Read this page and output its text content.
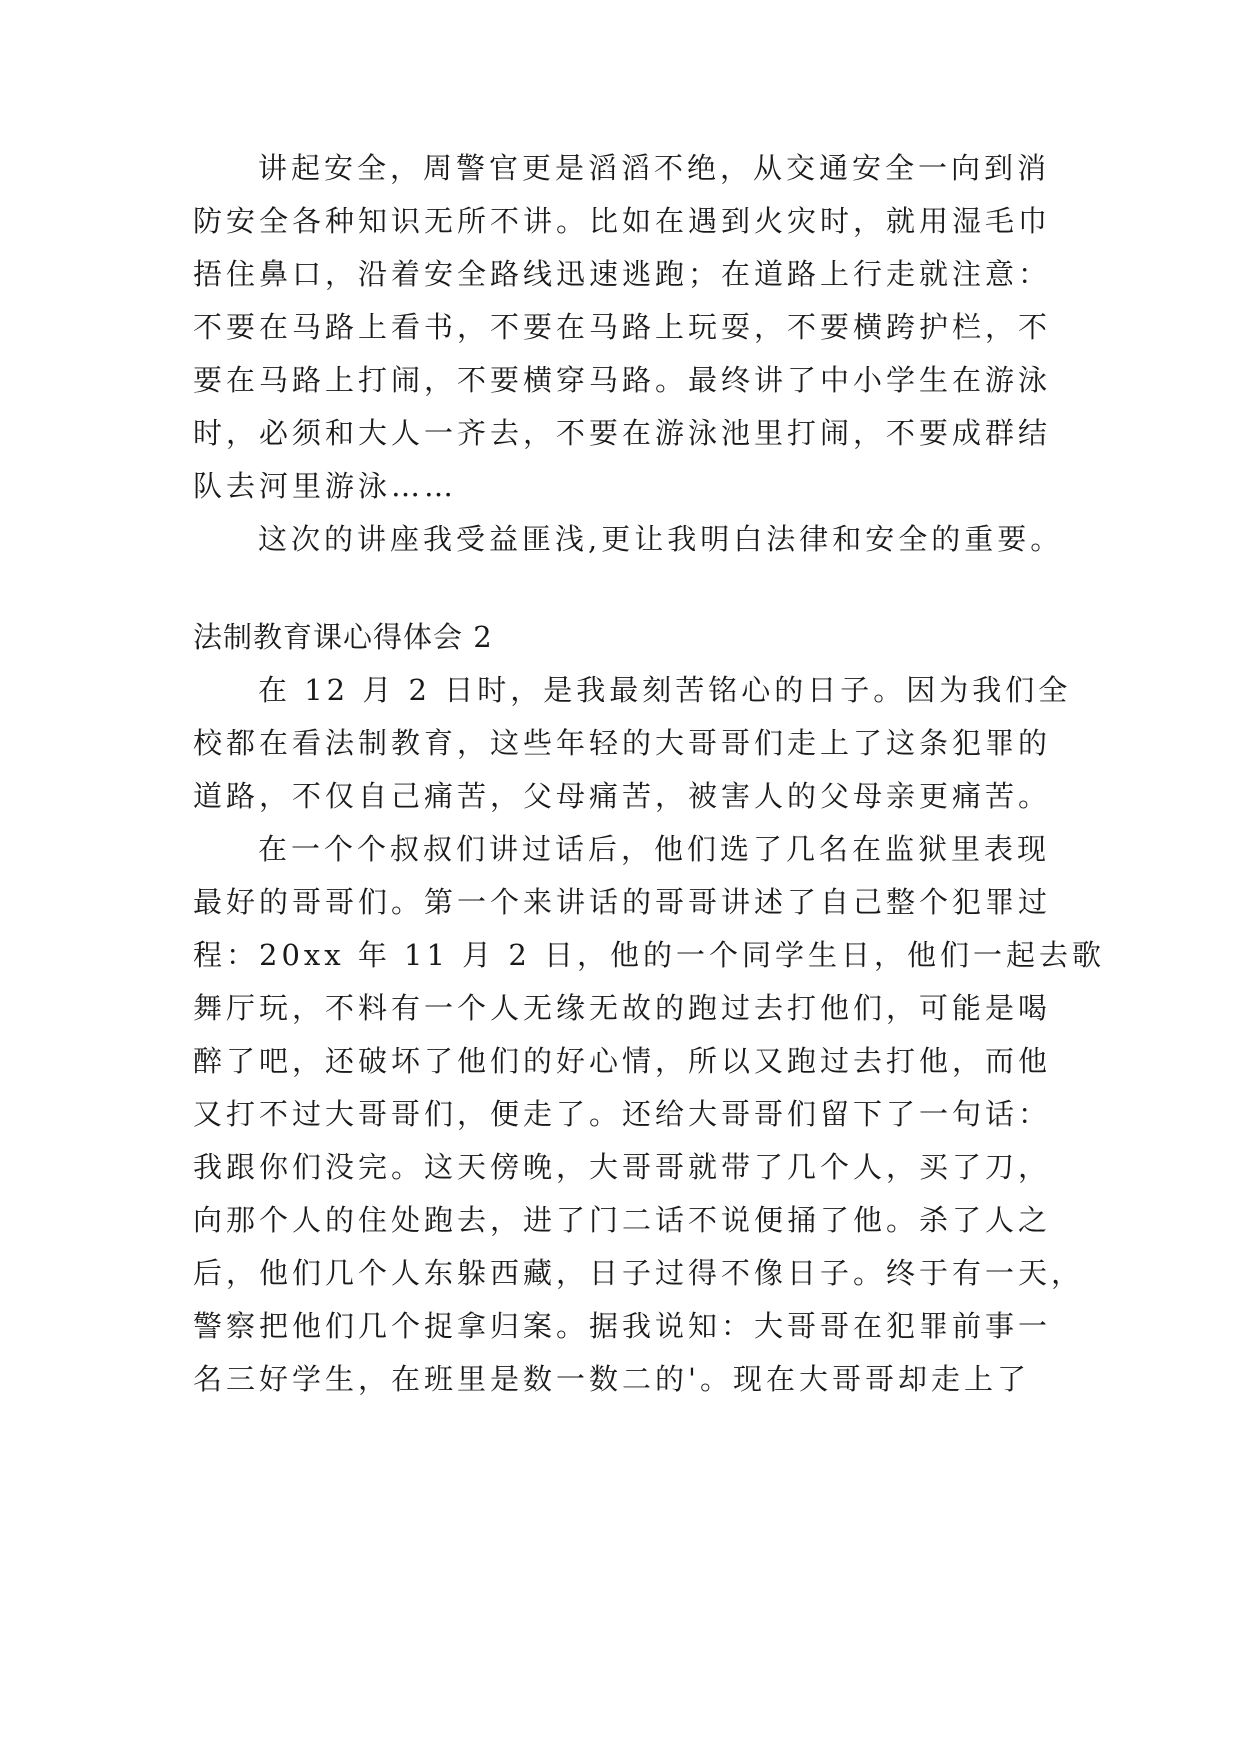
讲起安全，周警官更是滔滔不绝，从交通安全一向到消
防安全各种知识无所不讲。比如在遇到火灾时，就用湿毛巾
捂住鼻口，沿着安全路线迅速逃跑；在道路上行走就注意：
不要在马路上看书，不要在马路上玩耍，不要横跨护栏，不
要在马路上打闹，不要横穿马路。最终讲了中小学生在游泳
时，必须和大人一齐去，不要在游泳池里打闹，不要成群结
队去河里游泳……
这次的讲座我受益匪浅,更让我明白法律和安全的重要。
法制教育课心得体会 2
在 12 月 2 日时，是我最刻苦铭心的日子。因为我们全
校都在看法制教育，这些年轻的大哥哥们走上了这条犯罪的
道路，不仅自己痛苦，父母痛苦，被害人的父母亲更痛苦。
在一个个叔叔们讲过话后，他们选了几名在监狱里表现
最好的哥哥们。第一个来讲话的哥哥讲述了自己整个犯罪过
程：20xx 年 11 月 2 日，他的一个同学生日，他们一起去歌
舞厅玩，不料有一个人无缘无故的跑过去打他们，可能是喝
醉了吧，还破坏了他们的好心情，所以又跑过去打他，而他
又打不过大哥哥们，便走了。还给大哥哥们留下了一句话：
我跟你们没完。这天傍晚，大哥哥就带了几个人，买了刀，
向那个人的住处跑去，进了门二话不说便捅了他。杀了人之
后，他们几个人东躲西藏，日子过得不像日子。终于有一天，
警察把他们几个捉拿归案。据我说知：大哥哥在犯罪前事一
名三好学生，在班里是数一数二的'。现在大哥哥却走上了
